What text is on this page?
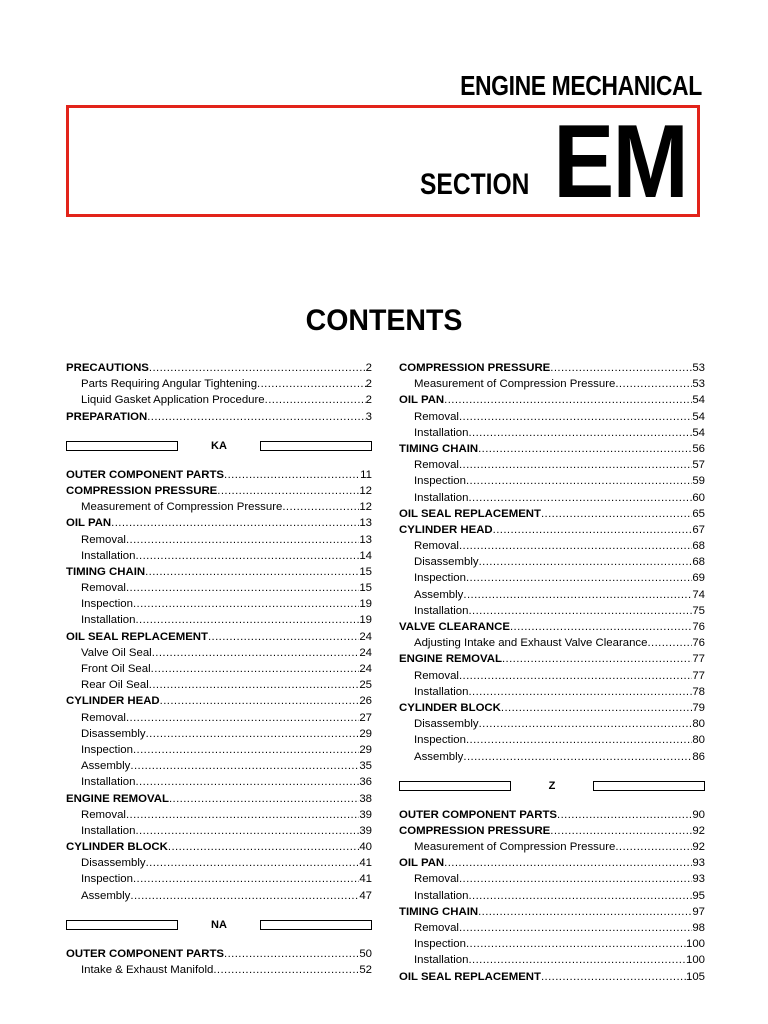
ENGINE MECHANICAL
SECTION EM
CONTENTS
PRECAUTIONS .....	2
Parts Requiring Angular Tightening .....	2
Liquid Gasket Application Procedure .....	2
PREPARATION .....	3
KA
OUTER COMPONENT PARTS .....	11
COMPRESSION PRESSURE .....	12
Measurement of Compression Pressure .....	12
OIL PAN .....	13
Removal .....	13
Installation .....	14
TIMING CHAIN .....	15
Removal .....	15
Inspection .....	19
Installation .....	19
OIL SEAL REPLACEMENT .....	24
Valve Oil Seal .....	24
Front Oil Seal .....	24
Rear Oil Seal .....	25
CYLINDER HEAD .....	26
Removal .....	27
Disassembly .....	29
Inspection .....	29
Assembly .....	35
Installation .....	36
ENGINE REMOVAL .....	38
Removal .....	39
Installation .....	39
CYLINDER BLOCK .....	40
Disassembly .....	41
Inspection .....	41
Assembly .....	47
NA
OUTER COMPONENT PARTS .....	50
Intake & Exhaust Manifold .....	52
COMPRESSION PRESSURE .....	53
Measurement of Compression Pressure .....	53
OIL PAN .....	54
Removal .....	54
Installation .....	54
TIMING CHAIN .....	56
Removal .....	57
Inspection .....	59
Installation .....	60
OIL SEAL REPLACEMENT .....	65
CYLINDER HEAD .....	67
Removal .....	68
Disassembly .....	68
Inspection .....	69
Assembly .....	74
Installation .....	75
VALVE CLEARANCE .....	76
Adjusting Intake and Exhaust Valve Clearance .....	76
ENGINE REMOVAL .....	77
Removal .....	77
Installation .....	78
CYLINDER BLOCK .....	79
Disassembly .....	80
Inspection .....	80
Assembly .....	86
Z
OUTER COMPONENT PARTS .....	90
COMPRESSION PRESSURE .....	92
Measurement of Compression Pressure .....	92
OIL PAN .....	93
Removal .....	93
Installation .....	95
TIMING CHAIN .....	97
Removal .....	98
Inspection .....	100
Installation .....	100
OIL SEAL REPLACEMENT .....	105
